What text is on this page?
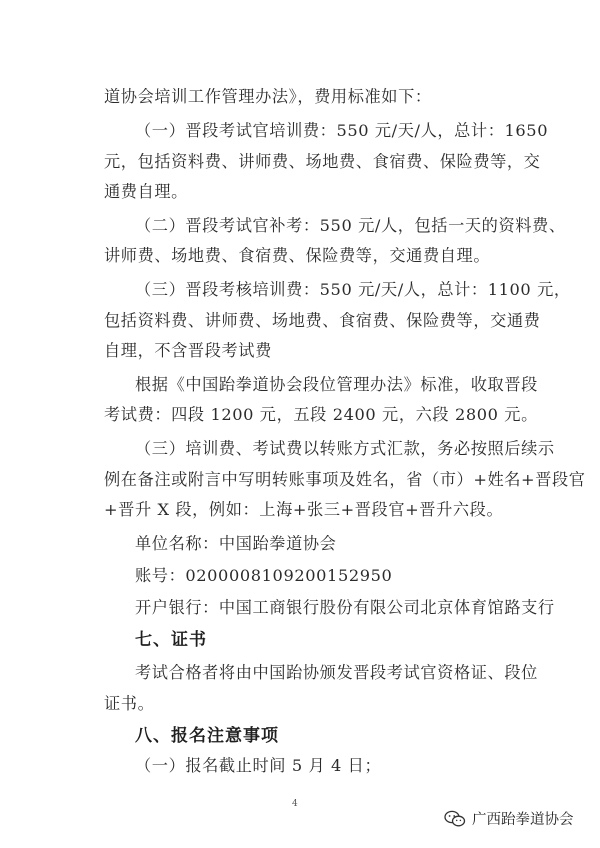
道协会培训工作管理办法》，费用标准如下：
（一）晋段考试官培训费：550 元/天/人，总计：1650
元，包括资料费、讲师费、场地费、食宿费、保险费等，交
通费自理。
（二）晋段考试官补考：550 元/人，包括一天的资料费、
讲师费、场地费、食宿费、保险费等，交通费自理。
（三）晋段考核培训费：550 元/天/人，总计：1100 元，
包括资料费、讲师费、场地费、食宿费、保险费等，交通费
自理，不含晋段考试费
根据《中国跆拳道协会段位管理办法》标准，收取晋段
考试费：四段 1200 元，五段 2400 元，六段 2800 元。
（三）培训费、考试费以转账方式汇款，务必按照后续示
例在备注或附言中写明转账事项及姓名，省（市）+姓名+晋段官
+晋升 X 段，例如：上海+张三+晋段官+晋升六段。
单位名称：中国跆拳道协会
账号：0200008109200152950
开户银行：中国工商银行股份有限公司北京体育馆路支行
七、证书
考试合格者将由中国跆协颁发晋段考试官资格证、段位
证书。
八、报名注意事项
（一）报名截止时间 5 月 4 日；
4
广西跆拳道协会
